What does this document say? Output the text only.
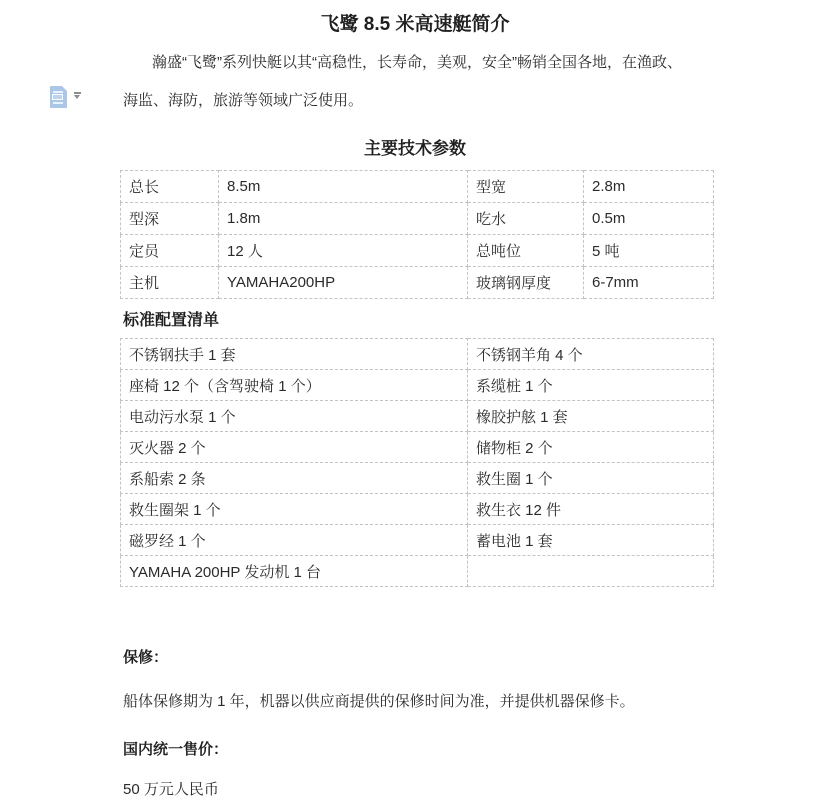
飞鹭 8.5 米高速艇简介
瀚盛“飞鹭”系列快艇以其“高稳性，长寿命，美观，安全”畅销全国各地，在渔政、
海监、海防，旅游等领域广泛使用。
主要技术参数
总长	8.5m	型宽	2.8m
型深	1.8m	吃水	0.5m
定员	12 人	总吨位	5 吨
主机	YAMAHA200HP	玻璃钢厚度	6-7mm
标准配置清单
不锈钢扶手 1 套	不锈钢羊角 4 个
座椅 12 个（含驾驶椅 1 个）	系缆桩 1 个
电动污水泵 1 个	橡胶护舷 1 套
灭火器 2 个	储物柜 2 个
系船索 2 条	救生圈 1 个
救生圈架 1 个	救生衣 12 件
磁罗经 1 个	蓄电池 1 套
YAMAHA 200HP 发动机 1 台	
保修：
船体保修期为 1 年，机器以供应商提供的保修时间为准，并提供机器保修卡。
国内统一售价：
50 万元人民币
